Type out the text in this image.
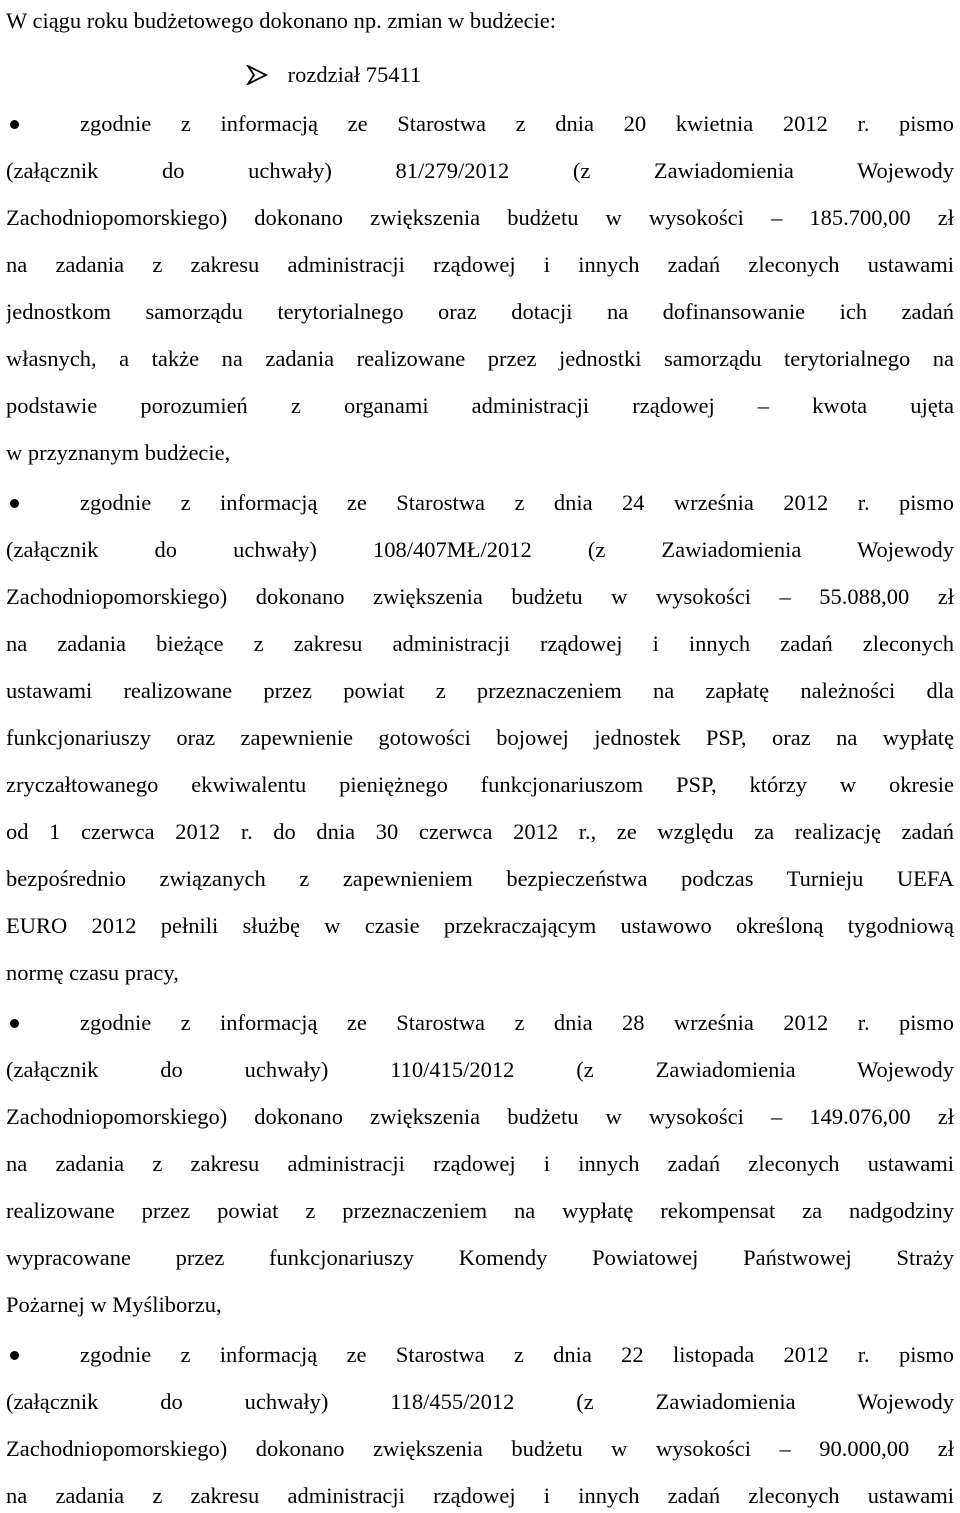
W ciągu roku budżetowego dokonano np. zmian w budżecie:
rozdział 75411
zgodnie z informacją ze Starostwa z dnia 20 kwietnia 2012 r. pismo
(załącznik do uchwały) 81/279/2012 (z Zawiadomienia Wojewody
Zachodniopomorskiego) dokonano zwiększenia budżetu w wysokości – 185.700,00 zł
na zadania z zakresu administracji rządowej i innych zadań zleconych ustawami
jednostkom samorządu terytorialnego oraz dotacji na dofinansowanie ich zadań
własnych, a także na zadania realizowane przez jednostki samorządu terytorialnego na
podstawie porozumień z organami administracji rządowej – kwota ujęta
w przyznanym budżecie,
zgodnie z informacją ze Starostwa z dnia 24 września 2012 r. pismo
(załącznik do uchwały) 108/407MŁ/2012 (z Zawiadomienia Wojewody
Zachodniopomorskiego) dokonano zwiększenia budżetu w wysokości – 55.088,00 zł
na zadania bieżące z zakresu administracji rządowej i innych zadań zleconych
ustawami realizowane przez powiat z przeznaczeniem na zapłatę należności dla
funkcjonariuszy oraz zapewnienie gotowości bojowej jednostek PSP, oraz na wypłatę
zryczałtowanego ekwiwalentu pieniężnego funkcjonariuszom PSP, którzy w okresie
od 1 czerwca 2012 r. do dnia 30 czerwca 2012 r., ze względu za realizację zadań
bezpośrednio związanych z zapewnieniem bezpieczeństwa podczas Turnieju UEFA
EURO 2012 pełnili służbę w czasie przekraczającym ustawowo określoną tygodniową
normę czasu pracy,
zgodnie z informacją ze Starostwa z dnia 28 września 2012 r. pismo
(załącznik do uchwały) 110/415/2012 (z Zawiadomienia Wojewody
Zachodniopomorskiego) dokonano zwiększenia budżetu w wysokości – 149.076,00 zł
na zadania z zakresu administracji rządowej i innych zadań zleconych ustawami
realizowane przez powiat z przeznaczeniem na wypłatę rekompensat za nadgodziny
wypracowane przez funkcjonariuszy Komendy Powiatowej Państwowej Straży
Pożarnej w Myśliborzu,
zgodnie z informacją ze Starostwa z dnia 22 listopada 2012 r. pismo
(załącznik do uchwały) 118/455/2012 (z Zawiadomienia Wojewody
Zachodniopomorskiego) dokonano zwiększenia budżetu w wysokości – 90.000,00 zł
na zadania z zakresu administracji rządowej i innych zadań zleconych ustawami
